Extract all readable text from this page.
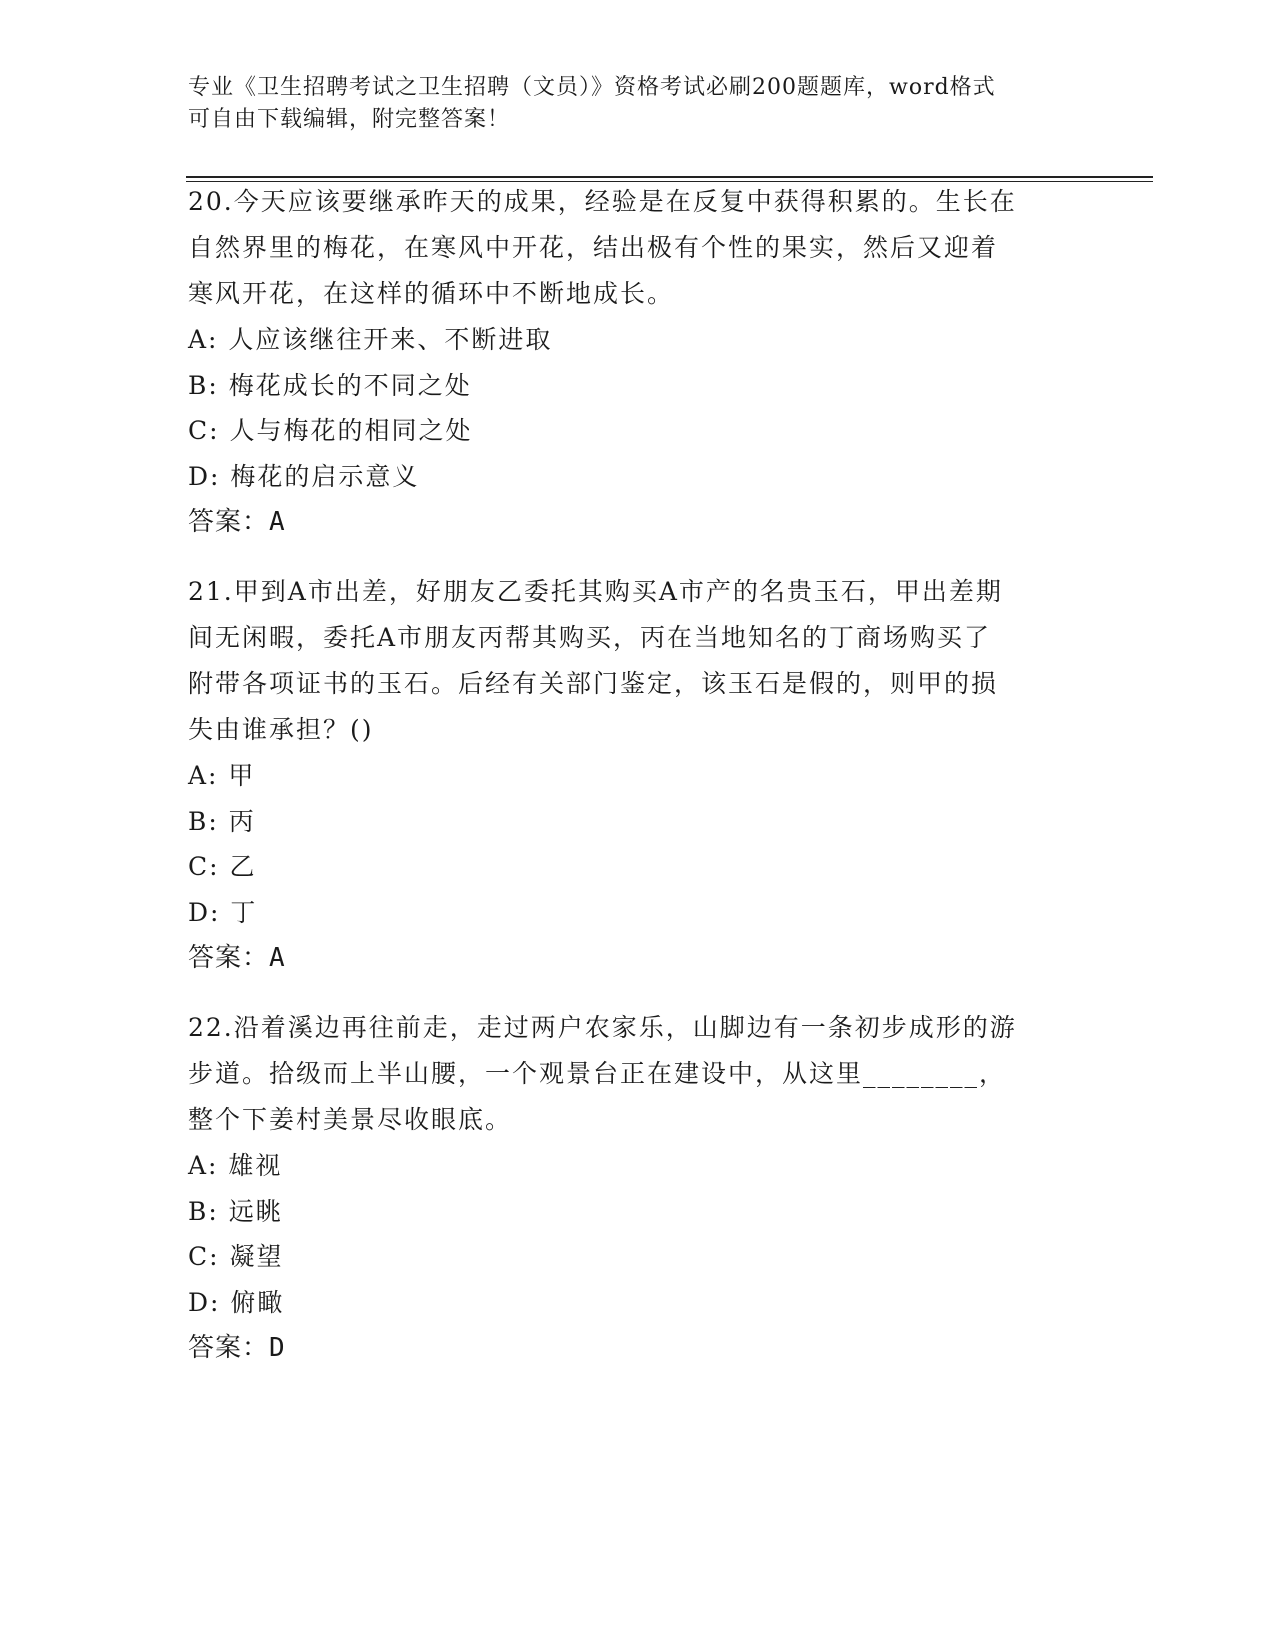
专业《卫生招聘考试之卫生招聘（文员）》资格考试必刷200题题库，word格式
可自由下载编辑，附完整答案！

20.今天应该要继承昨天的成果，经验是在反复中获得积累的。生长在
自然界里的梅花，在寒风中开花，结出极有个性的果实，然后又迎着
寒风开花，在这样的循环中不断地成长。

A: 人应该继往开来、不断进取

B: 梅花成长的不同之处

C: 人与梅花的相同之处

D: 梅花的启示意义

答案：A

21.甲到A市出差，好朋友乙委托其购买A市产的名贵玉石，甲出差期
间无闲暇，委托A市朋友丙帮其购买，丙在当地知名的丁商场购买了
附带各项证书的玉石。后经有关部门鉴定，该玉石是假的，则甲的损
失由谁承担？()

A: 甲

B: 丙

C: 乙

D: 丁

答案：A

22.沿着溪边再往前走，走过两户农家乐，山脚边有一条初步成形的游
步道。拾级而上半山腰，一个观景台正在建设中，从这里________，
整个下姜村美景尽收眼底。

A: 雄视

B: 远眺

C: 凝望

D: 俯瞰

答案：D
